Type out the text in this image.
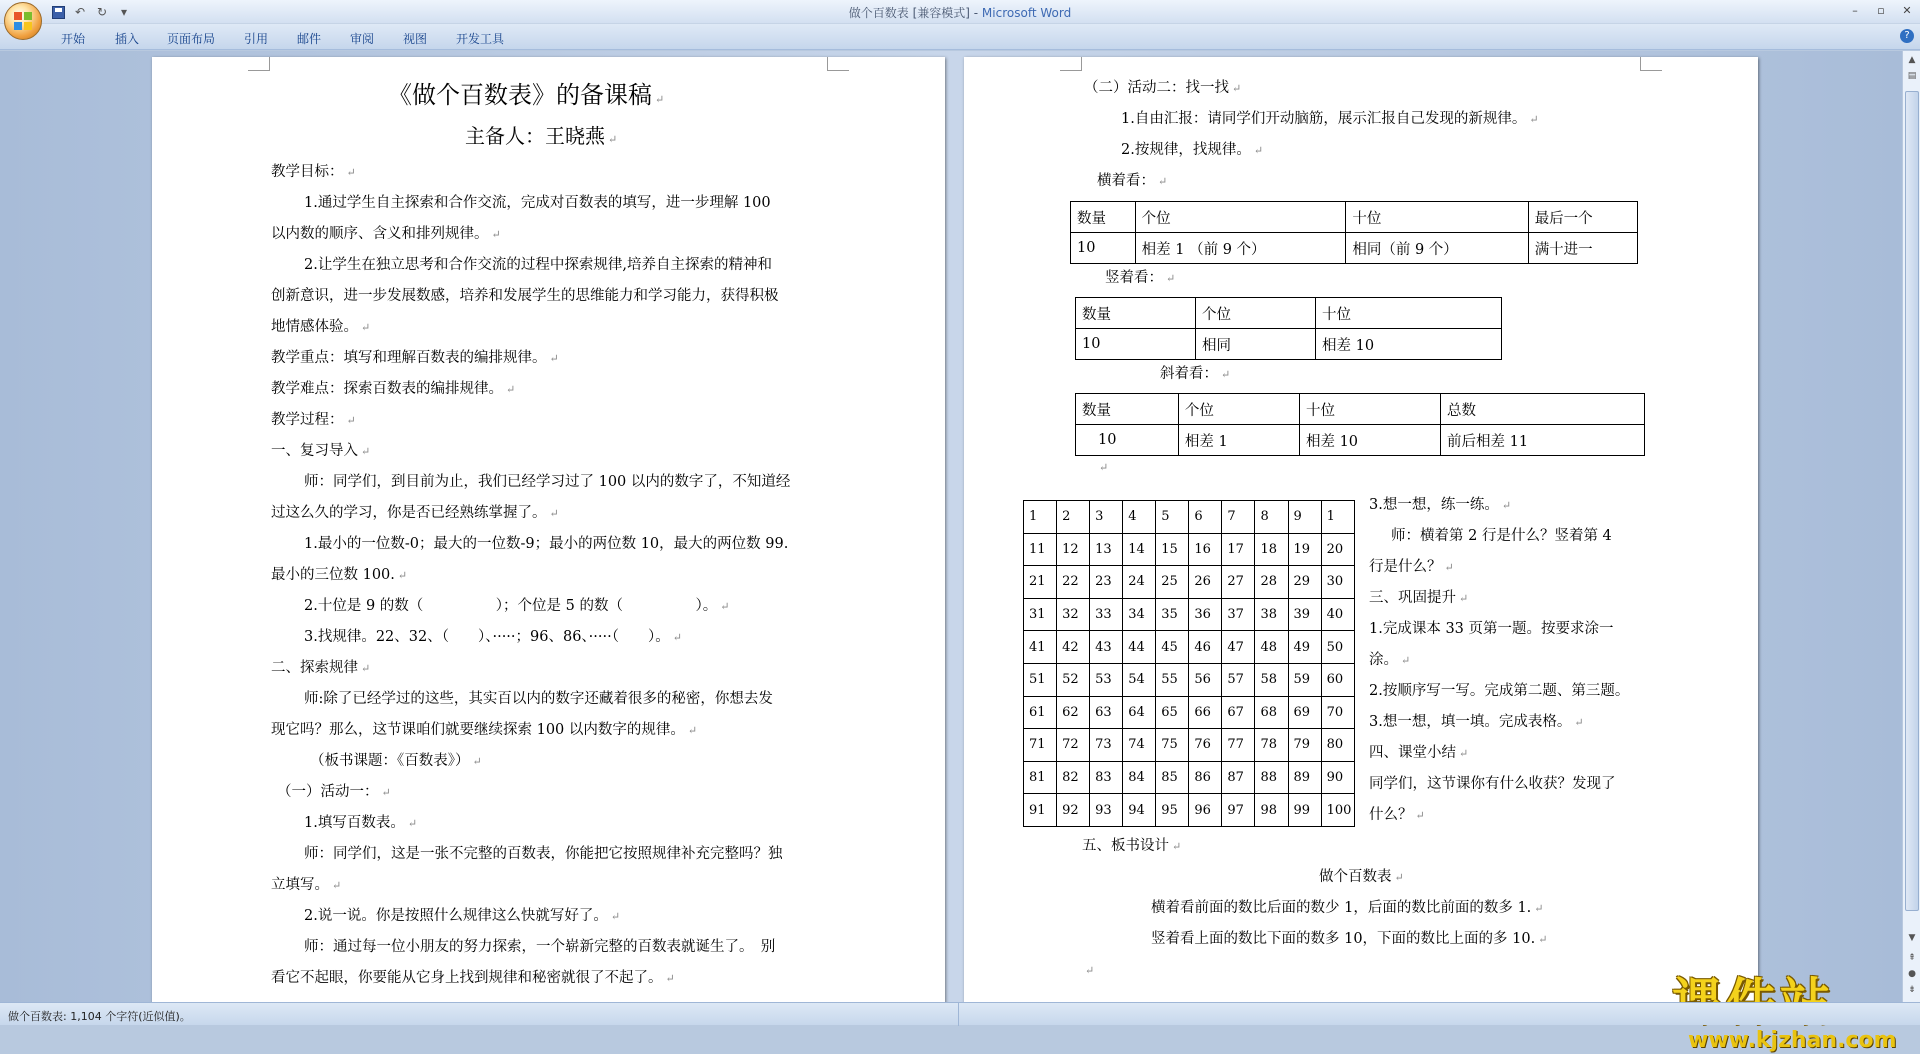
↶ ↻	▾	做个百数表 [兼容模式] - Microsoft Word	–	▫	✕
开始 插入 页面布局 引用 邮件 审阅 视图 开发工具	?
《做个百数表》的备课稿 ↵
主备人：王晓燕 ↵
教学目标： ↵
1.通过学生自主探索和合作交流，完成对百数表的填写，进一步理解 100
以内数的顺序、含义和排列规律。 ↵
2.让学生在独立思考和合作交流的过程中探索规律,培养自主探索的精神和
创新意识，进一步发展数感，培养和发展学生的思维能力和学习能力，获得积极
地情感体验。 ↵
教学重点：填写和理解百数表的编排规律。 ↵
教学难点：探索百数表的编排规律。 ↵
教学过程： ↵
一、复习导入 ↵
师：同学们，到目前为止，我们已经学习过了 100 以内的数字了，不知道经
过这么久的学习，你是否已经熟练掌握了。 ↵
1.最小的一位数-0；最大的一位数-9；最小的两位数 10，最大的两位数 99.
最小的三位数 100. ↵
2.十位是 9 的数（　　　　　）；个位是 5 的数（　　　　　）。 ↵
3.找规律。22、32、（　　）、·····；96、86、·····（　　）。 ↵
二、探索规律 ↵
师:除了已经学过的这些，其实百以内的数字还藏着很多的秘密，你想去发
现它吗？那么，这节课咱们就要继续探索 100 以内数字的规律。 ↵
（板书课题：《百数表》） ↵
（一）活动一： ↵
1.填写百数表。 ↵
师：同学们，这是一张不完整的百数表，你能把它按照规律补充完整吗？独
立填写。 ↵
2.说一说。你是按照什么规律这么快就写好了。 ↵
师：通过每一位小朋友的努力探索，一个崭新完整的百数表就诞生了。　别
看它不起眼，你要能从它身上找到规律和秘密就很了不起了。 ↵
（二）活动二：找一找 ↵
1.自由汇报：请同学们开动脑筋，展示汇报自己发现的新规律。 ↵
2.按规律，找规律。 ↵
横着看： ↵
数量	个位	十位	最后一个
10	相差 1 （前 9 个）	相同（前 9 个）	满十进一
竖着看： ↵
数量	个位	十位
10	相同	相差 10
斜着看： ↵
数量	个位	十位	总数
10	相差 1	相差 10	前后相差 11
↵
1	2	3	4	5	6	7	8	9	1
11	12	13	14	15	16	17	18	19	20
21	22	23	24	25	26	27	28	29	30
31	32	33	34	35	36	37	38	39	40
41	42	43	44	45	46	47	48	49	50
51	52	53	54	55	56	57	58	59	60
61	62	63	64	65	66	67	68	69	70
71	72	73	74	75	76	77	78	79	80
81	82	83	84	85	86	87	88	89	90
91	92	93	94	95	96	97	98	99	100
3.想一想，练一练。 ↵
师：横着第 2 行是什么？竖着第 4
行是什么？ ↵
三、巩固提升 ↵
1.完成课本 33 页第一题。按要求涂一
涂。 ↵
2.按顺序写一写。完成第二题、第三题。
3.想一想，填一填。完成表格。 ↵
四、课堂小结 ↵
同学们，这节课你有什么收获？发现了
什么？ ↵
五、板书设计 ↵
做个百数表 ↵
横着看前面的数比后面的数少 1，后面的数比前面的数多 1. ↵
竖着看上面的数比下面的数多 10，下面的数比上面的多 10. ↵
↵
www.kjzhan.com
▲
▤
▼
⇞
●
⇟
做个百数表: 1,104 个字符(近似值)。
